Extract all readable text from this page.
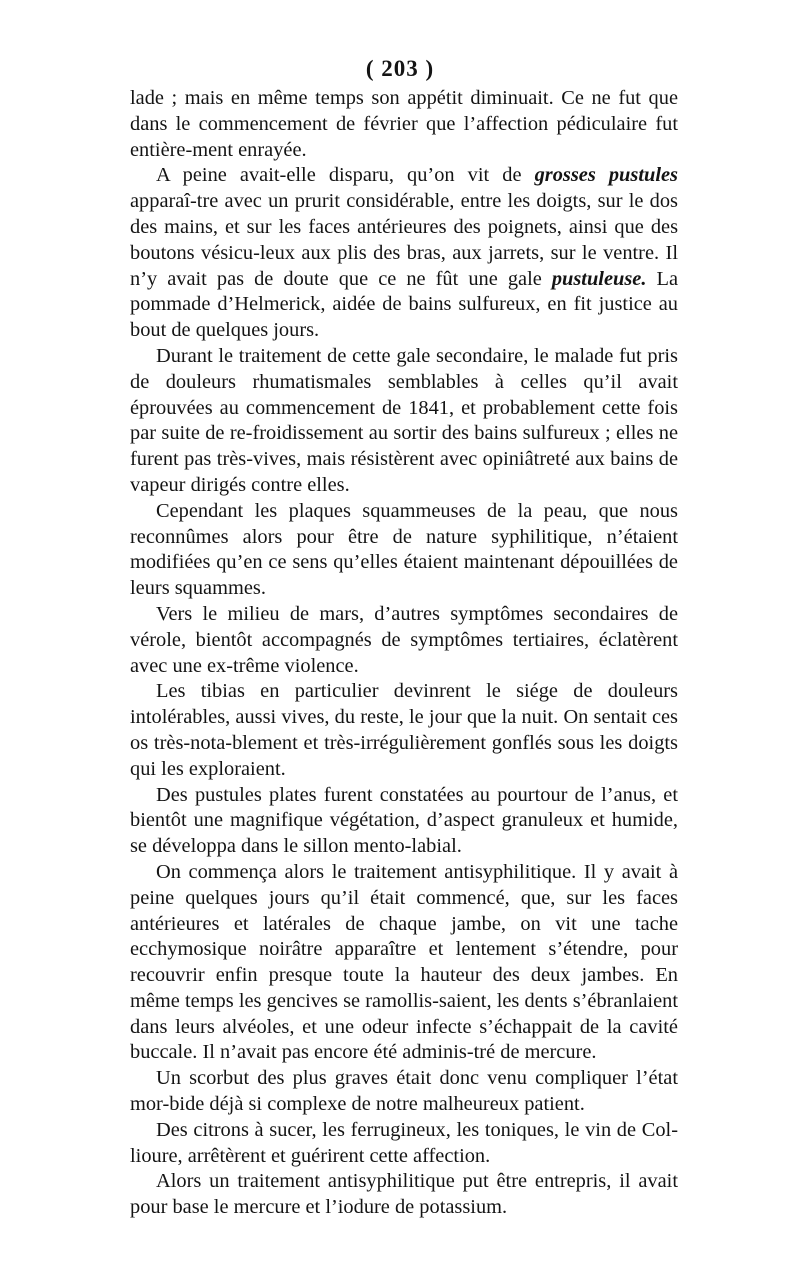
( 203 )

lade ; mais en même temps son appétit diminuait. Ce ne fut que dans le commencement de février que l’affection pédiculaire fut entière-ment enrayée.

A peine avait-elle disparu, qu’on vit de grosses pustules apparaî-tre avec un prurit considérable, entre les doigts, sur le dos des mains, et sur les faces antérieures des poignets, ainsi que des boutons vésicu-leux aux plis des bras, aux jarrets, sur le ventre. Il n’y avait pas de doute que ce ne fût une gale pustuleuse. La pommade d’Helmerick, aidée de bains sulfureux, en fit justice au bout de quelques jours.

Durant le traitement de cette gale secondaire, le malade fut pris de douleurs rhumatismales semblables à celles qu’il avait éprouvées au commencement de 1841, et probablement cette fois par suite de re-froidissement au sortir des bains sulfureux ; elles ne furent pas très-vives, mais résistèrent avec opiniâtreté aux bains de vapeur dirigés contre elles.

Cependant les plaques squammeuses de la peau, que nous reconnûmes alors pour être de nature syphilitique, n’étaient modifiées qu’en ce sens qu’elles étaient maintenant dépouillées de leurs squammes.

Vers le milieu de mars, d’autres symptômes secondaires de vérole, bientôt accompagnés de symptômes tertiaires, éclatèrent avec une ex-trême violence.

Les tibias en particulier devinrent le siége de douleurs intolérables, aussi vives, du reste, le jour que la nuit. On sentait ces os très-nota-blement et très-irrégulièrement gonflés sous les doigts qui les exploraient.

Des pustules plates furent constatées au pourtour de l’anus, et bientôt une magnifique végétation, d’aspect granuleux et humide, se développa dans le sillon mento-labial.

On commença alors le traitement antisyphilitique. Il y avait à peine quelques jours qu’il était commencé, que, sur les faces antérieures et latérales de chaque jambe, on vit une tache ecchymosique noirâtre apparaître et lentement s’étendre, pour recouvrir enfin presque toute la hauteur des deux jambes. En même temps les gencives se ramollis-saient, les dents s’ébranlaient dans leurs alvéoles, et une odeur infecte s’échappait de la cavité buccale. Il n’avait pas encore été adminis-tré de mercure.

Un scorbut des plus graves était donc venu compliquer l’état mor-bide déjà si complexe de notre malheureux patient.

Des citrons à sucer, les ferrugineux, les toniques, le vin de Col-lioure, arrêtèrent et guérirent cette affection.

Alors un traitement antisyphilitique put être entrepris, il avait pour base le mercure et l’iodure de potassium.
